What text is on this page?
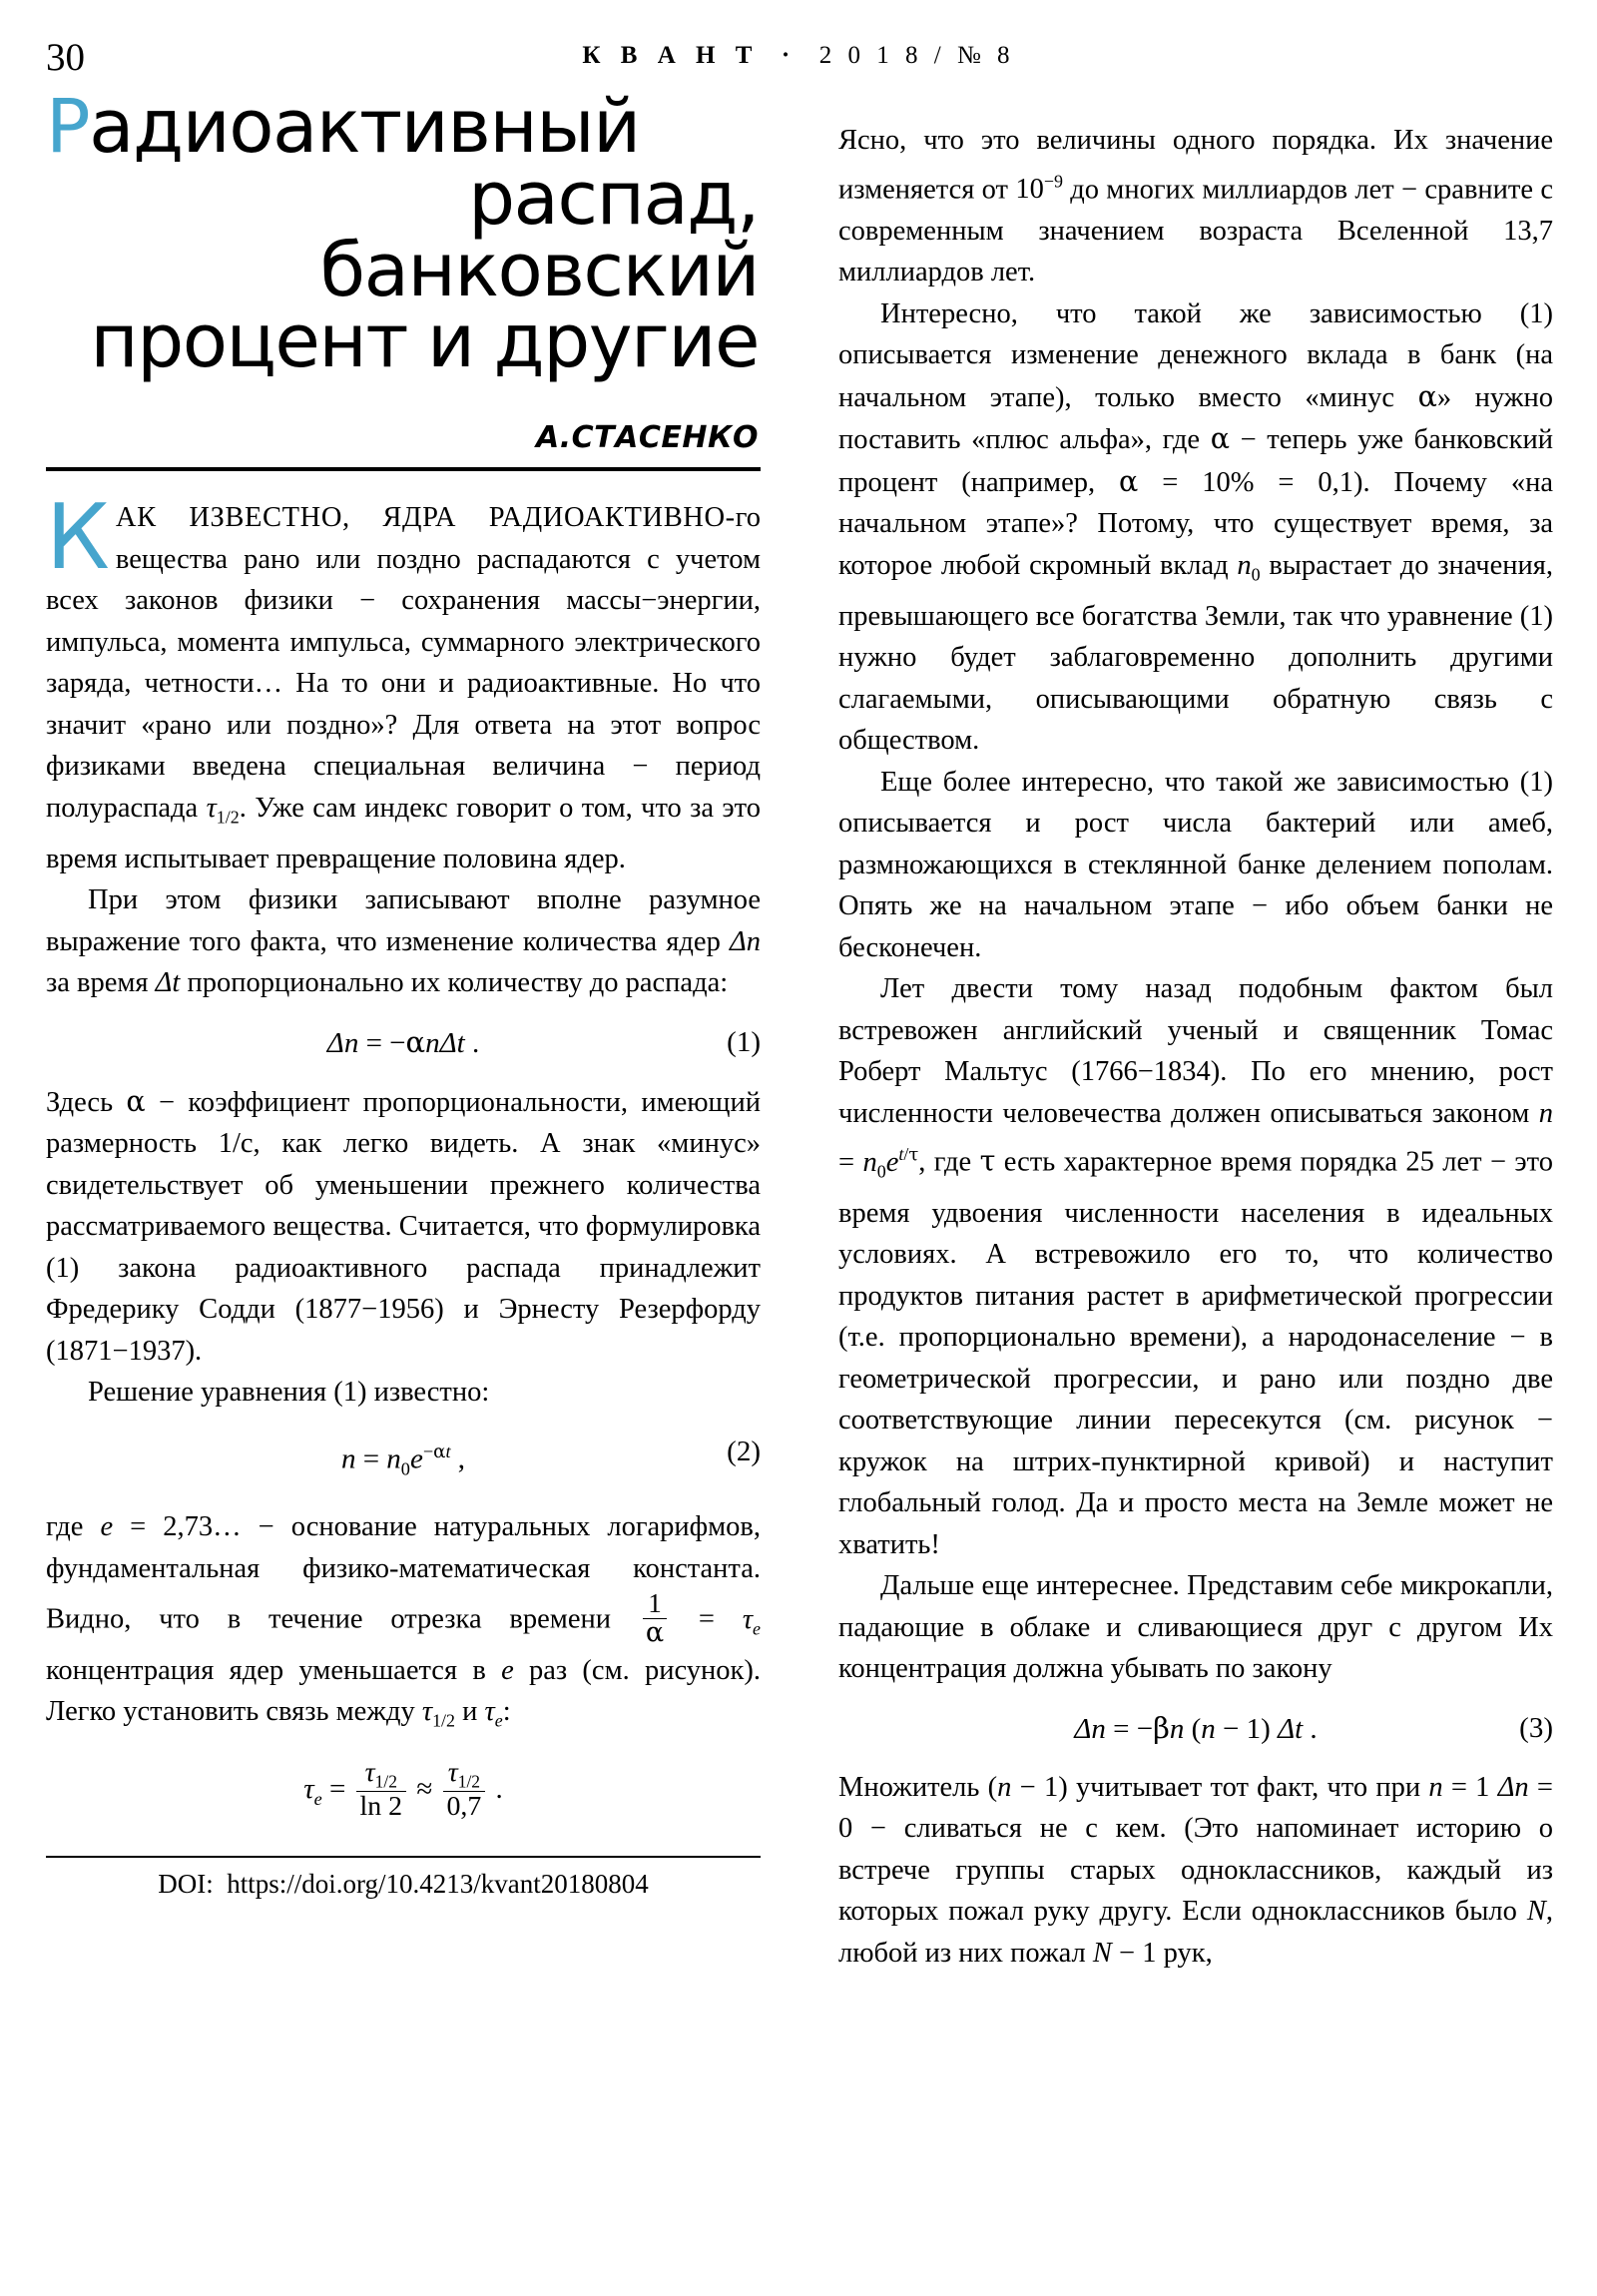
30	К В А Н Т · 2 0 1 8 / № 8
Радиоактивный
распад,
банковский
процент и другие
А.СТАСЕНКО

КАК ИЗВЕСТНО, ЯДРА РАДИОАКТИВНО-го вещества рано или поздно распадаются с учетом всех законов физики − сохранения массы−энергии, импульса, момента импульса, суммарного электрического заряда, четности… На то они и радиоактивные. Но что значит «рано или поздно»? Для ответа на этот вопрос физиками введена специальная величина − период полураспада $\tau_{1/2}$. Уже сам индекс говорит о том, что за это время испытывает превращение половина ядер.

При этом физики записывают вполне разумное выражение того факта, что изменение количества ядер Δn за время Δt пропорционально их количеству до распада:

Δn = −αnΔt .	(1)

Здесь α − коэффициент пропорциональности, имеющий размерность 1/c, как легко видеть. А знак «минус» свидетельствует об уменьшении прежнего количества рассматриваемого вещества. Считается, что формулировка (1) закона радиоактивного распада принадлежит Фредерику Содди (1877−1956) и Эрнесту Резерфорду (1871−1937).

Решение уравнения (1) известно:

$n = n_0e^{-\alpha t}$ ,	(2)

где e = 2,73… − основание натуральных логарифмов, фундаментальная физико-математическая константа. Видно, что в течение отрезка времени $\frac{1}{\alpha} = \tau_e$ концентрация ядер уменьшается в e раз (см. рисунок). Легко установить связь между $\tau_{1/2}$ и $\tau_e$:

$\tau_e = \frac{\tau_{1/2}}{\ln 2} \approx \frac{\tau_{1/2}}{0,7}$ .
DOI: https://doi.org/10.4213/kvant20180804

Ясно, что это величины одного порядка. Их значение изменяется от $10^{-9}$ до многих миллиардов лет − сравните с современным значением возраста Вселенной 13,7 миллиардов лет.

Интересно, что такой же зависимостью (1) описывается изменение денежного вклада в банк (на начальном этапе), только вместо «минус α» нужно поставить «плюс альфа», где α − теперь уже банковский процент (например, α = 10% = 0,1). Почему «на начальном этапе»? Потому, что существует время, за которое любой скромный вклад $n_0$ вырастает до значения, превышающего все богатства Земли, так что уравнение (1) нужно будет заблаговременно дополнить другими слагаемыми, описывающими обратную связь с обществом.

Еще более интересно, что такой же зависимостью (1) описывается и рост числа бактерий или амеб, размножающихся в стеклянной банке делением пополам. Опять же на начальном этапе − ибо объем банки не бесконечен.

Лет двести тому назад подобным фактом был встревожен английский ученый и священник Томас Роберт Мальтус (1766−1834). По его мнению, рост численности человечества должен описываться законом $n = n_0e^{t/\tau}$, где τ есть характерное время порядка 25 лет − это время удвоения численности населения в идеальных условиях. А встревожило его то, что количество продуктов питания растет в арифметической прогрессии (т.е. пропорционально времени), а народонаселение − в геометрической прогрессии, и рано или поздно две соответствующие линии пересекутся (см. рисунок − кружок на штрих-пунктирной кривой) и наступит глобальный голод. Да и просто места на Земле может не хватить!

Дальше еще интереснее. Представим себе микрокапли, падающие в облаке и сливающиеся друг с другом Их концентрация должна убывать по закону

Δn = −βn (n − 1) Δt .	(3)

Множитель (n − 1) учитывает тот факт, что при n = 1 Δn = 0 − сливаться не с кем. (Это напоминает историю о встрече группы старых одноклассников, каждый из которых пожал руку другу. Если одноклассников было N, любой из них пожал N − 1 рук,
